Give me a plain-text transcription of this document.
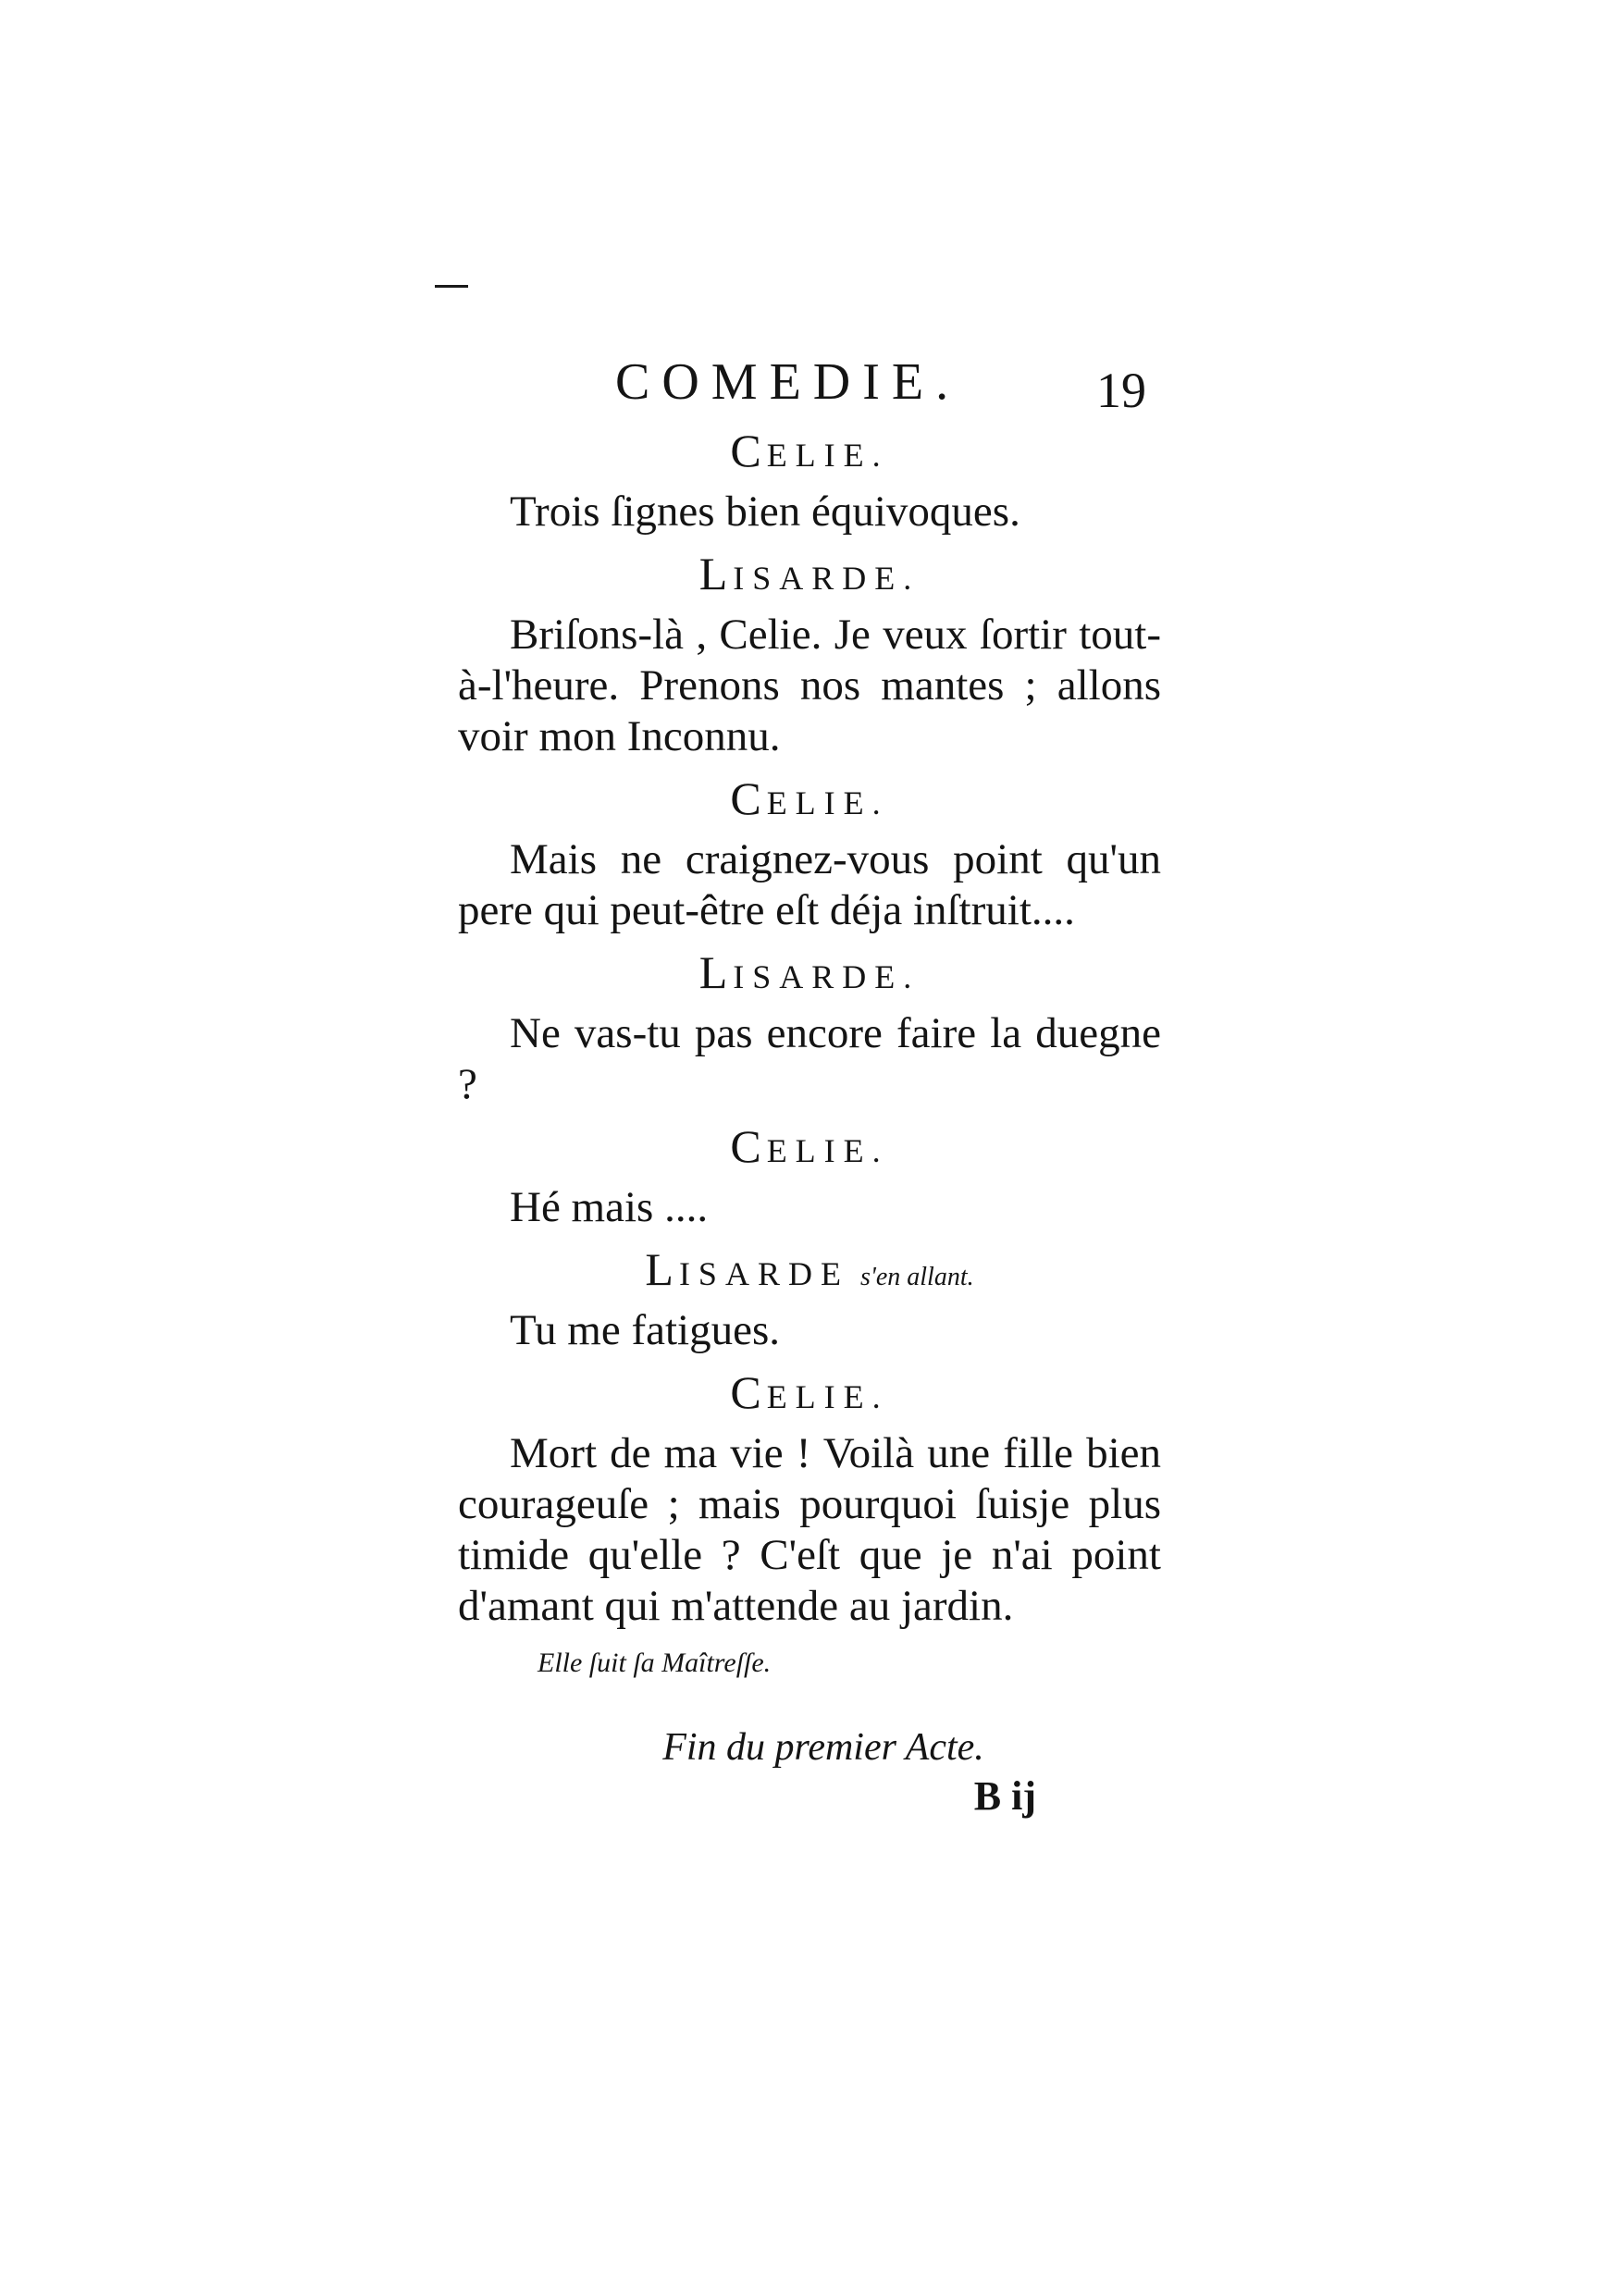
COMEDIE.	19
CELIE.

Trois ſignes bien équivoques.

LISARDE.

Briſons-là , Celie. Je veux ſortir tout-à-l'heure. Prenons nos mantes ; allons voir mon Inconnu.

CELIE.

Mais ne craignez-vous point qu'un pere qui peut-être eſt déja inſtruit....

LISARDE.

Ne vas-tu pas encore faire la duegne ?

CELIE.

Hé mais ....

LISARDE s'en allant.

Tu me fatigues.

CELIE.

Mort de ma vie ! Voilà une fille bien courageuſe ; mais pourquoi ſuisje plus timide qu'elle ? C'eſt que je n'ai point d'amant qui m'attende au jardin.

Elle ſuit ſa Maîtreſſe.
Fin du premier Acte.
B ij
